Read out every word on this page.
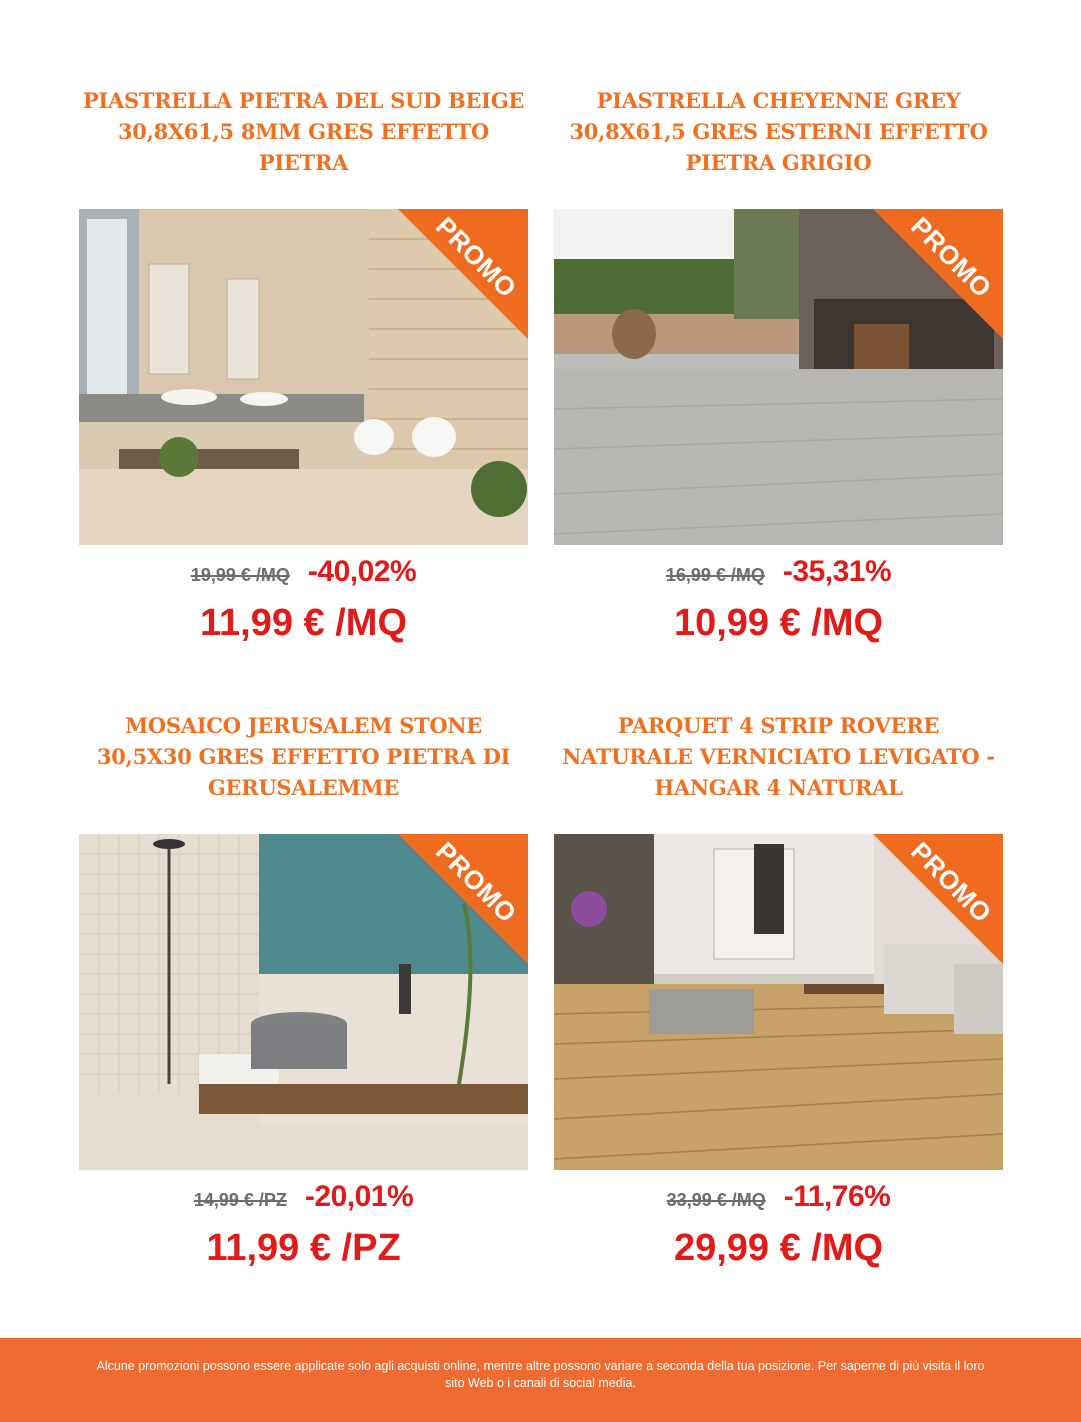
PIASTRELLA PIETRA DEL SUD BEIGE 30,8X61,5 8MM GRES EFFETTO PIETRA
PROMO
19,99 € /MQ -40,02%
11,99 € /MQ
PIASTRELLA CHEYENNE GREY 30,8X61,5 GRES ESTERNI EFFETTO PIETRA GRIGIO
PROMO
16,99 € /MQ -35,31%
10,99 € /MQ
MOSAICO JERUSALEM STONE 30,5X30 GRES EFFETTO PIETRA DI GERUSALEMME
PROMO
14,99 € /PZ -20,01%
11,99 € /PZ
PARQUET 4 STRIP ROVERE NATURALE VERNICIATO LEVIGATO - HANGAR 4 NATURAL
PROMO
33,99 € /MQ -11,76%
29,99 € /MQ
Alcune promozioni possono essere applicate solo agli acquisti online, mentre altre possono variare a seconda della tua posizione. Per saperne di più visita il loro sito Web o i canali di social media.
